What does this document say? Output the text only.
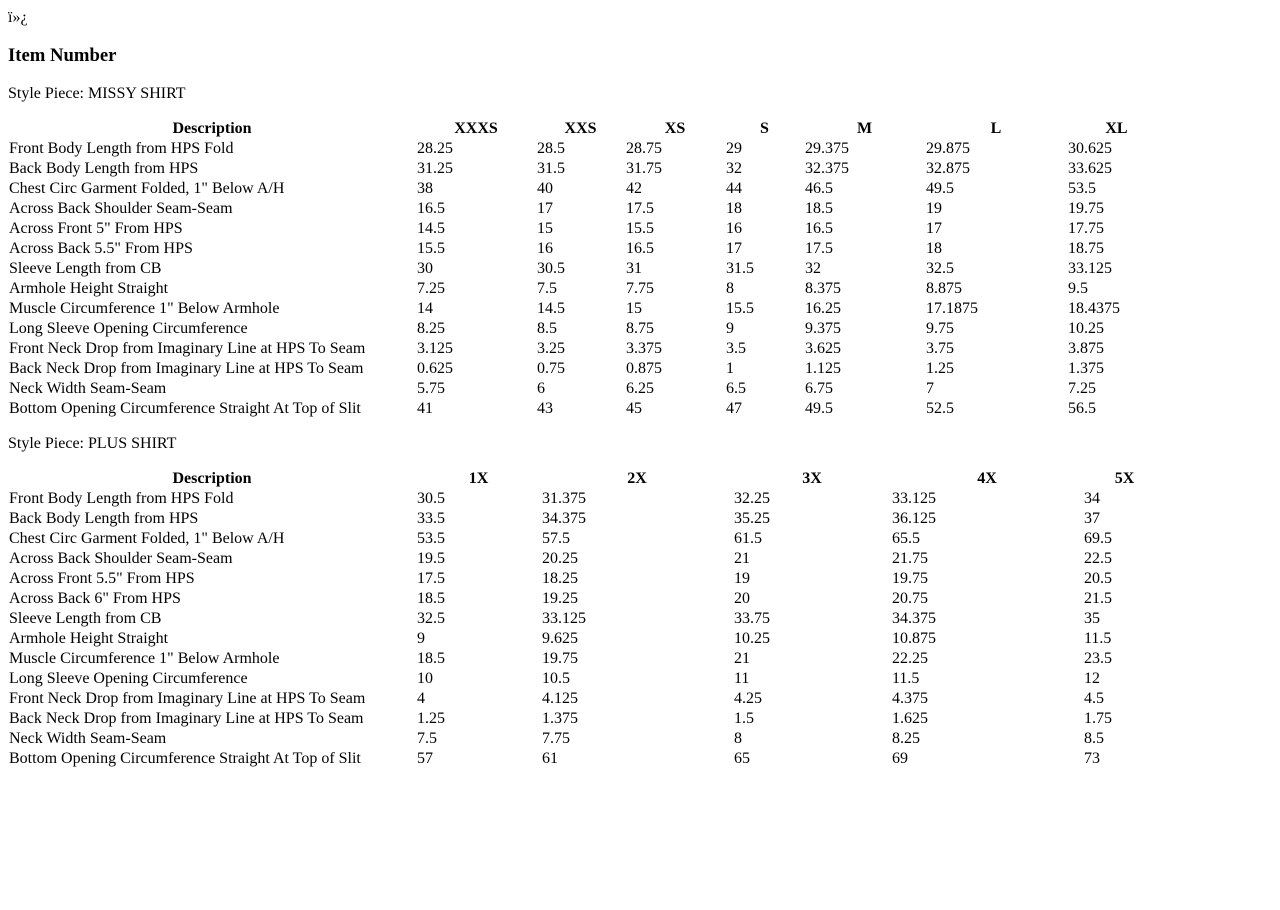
ï»¿
Item Number

Style Piece: MISSY SHIRT

Description	XXXS	XXS	XS	S	M	L	XL
Front Body Length from HPS Fold	28.25	28.5	28.75	29	29.375	29.875	30.625
Back Body Length from HPS	31.25	31.5	31.75	32	32.375	32.875	33.625
Chest Circ Garment Folded, 1" Below A/H	38	40	42	44	46.5	49.5	53.5
Across Back Shoulder Seam-Seam	16.5	17	17.5	18	18.5	19	19.75
Across Front 5" From HPS	14.5	15	15.5	16	16.5	17	17.75
Across Back 5.5" From HPS	15.5	16	16.5	17	17.5	18	18.75
Sleeve Length from CB	30	30.5	31	31.5	32	32.5	33.125
Armhole Height Straight	7.25	7.5	7.75	8	8.375	8.875	9.5
Muscle Circumference 1" Below Armhole	14	14.5	15	15.5	16.25	17.1875	18.4375
Long Sleeve Opening Circumference	8.25	8.5	8.75	9	9.375	9.75	10.25
Front Neck Drop from Imaginary Line at HPS To Seam	3.125	3.25	3.375	3.5	3.625	3.75	3.875
Back Neck Drop from Imaginary Line at HPS To Seam	0.625	0.75	0.875	1	1.125	1.25	1.375
Neck Width Seam-Seam	5.75	6	6.25	6.5	6.75	7	7.25
Bottom Opening Circumference Straight At Top of Slit	41	43	45	47	49.5	52.5	56.5

Style Piece: PLUS SHIRT

Description	1X	2X	3X	4X	5X
Front Body Length from HPS Fold	30.5	31.375	32.25	33.125	34
Back Body Length from HPS	33.5	34.375	35.25	36.125	37
Chest Circ Garment Folded, 1" Below A/H	53.5	57.5	61.5	65.5	69.5
Across Back Shoulder Seam-Seam	19.5	20.25	21	21.75	22.5
Across Front 5.5" From HPS	17.5	18.25	19	19.75	20.5
Across Back 6" From HPS	18.5	19.25	20	20.75	21.5
Sleeve Length from CB	32.5	33.125	33.75	34.375	35
Armhole Height Straight	9	9.625	10.25	10.875	11.5
Muscle Circumference 1" Below Armhole	18.5	19.75	21	22.25	23.5
Long Sleeve Opening Circumference	10	10.5	11	11.5	12
Front Neck Drop from Imaginary Line at HPS To Seam	4	4.125	4.25	4.375	4.5
Back Neck Drop from Imaginary Line at HPS To Seam	1.25	1.375	1.5	1.625	1.75
Neck Width Seam-Seam	7.5	7.75	8	8.25	8.5
Bottom Opening Circumference Straight At Top of Slit	57	61	65	69	73
